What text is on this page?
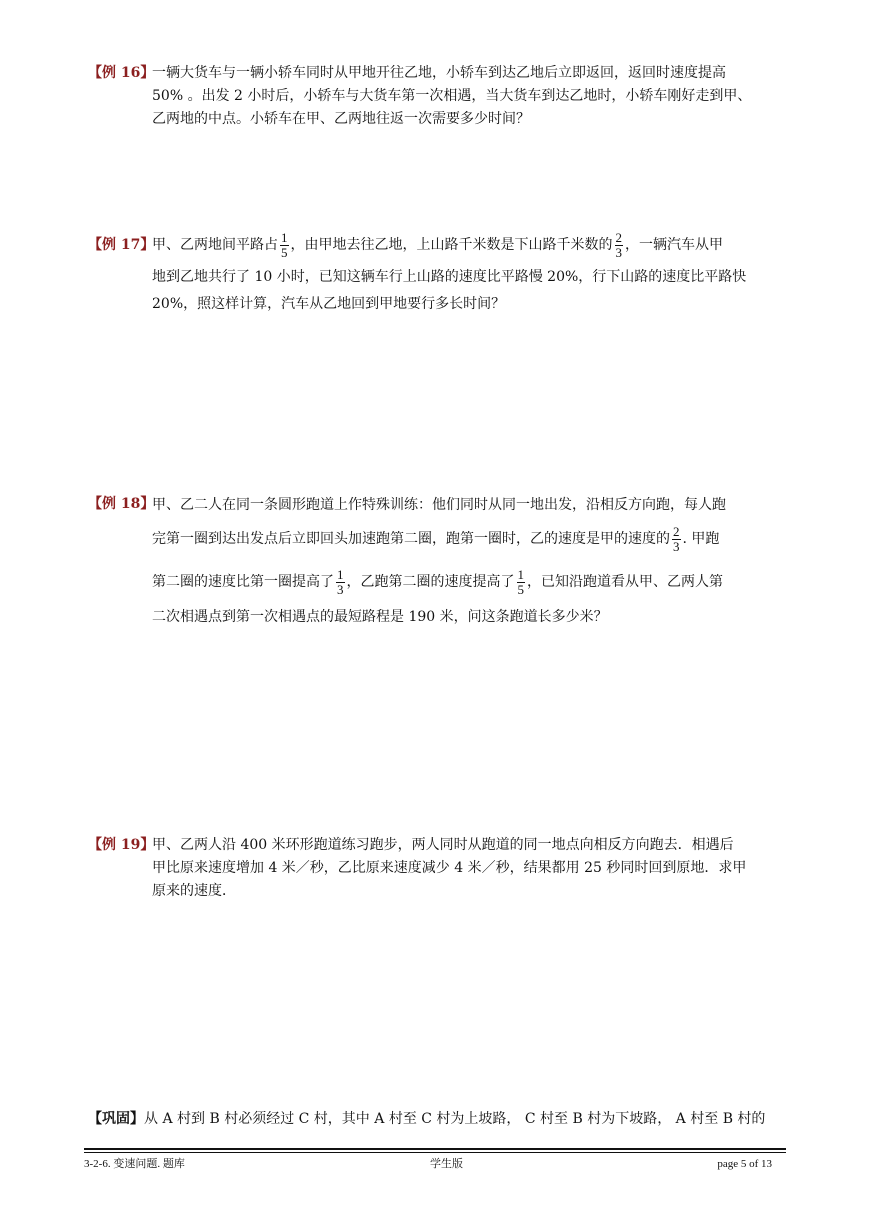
【例 16】
一辆大货车与一辆小轿车同时从甲地开往乙地，小轿车到达乙地后立即返回，返回时速度提高
50% 。出发 2 小时后，小轿车与大货车第一次相遇，当大货车到达乙地时，小轿车刚好走到甲、
乙两地的中点。小轿车在甲、乙两地往返一次需要多少时间？
【例 17】
甲、乙两地间平路占 $\frac{1}{5}$ ，由甲地去往乙地，上山路千米数是下山路千米数的 $\frac{2}{3}$ ，一辆汽车从甲
地到乙地共行了 10 小时，已知这辆车行上山路的速度比平路慢 20%，行下山路的速度比平路快
20%，照这样计算，汽车从乙地回到甲地要行多长时间？
【例 18】
甲、乙二人在同一条圆形跑道上作特殊训练：他们同时从同一地出发，沿相反方向跑，每人跑
完第一圈到达出发点后立即回头加速跑第二圈，跑第一圈时，乙的速度是甲的速度的 $\frac{2}{3}$ . 甲跑
第二圈的速度比第一圈提高了 $\frac{1}{3}$ ，乙跑第二圈的速度提高了 $\frac{1}{5}$ ，已知沿跑道看从甲、乙两人第
二次相遇点到第一次相遇点的最短路程是 190 米，问这条跑道长多少米？
【例 19】
甲、乙两人沿 400 米环形跑道练习跑步，两人同时从跑道的同一地点向相反方向跑去．相遇后
甲比原来速度增加 4 米／秒，乙比原来速度减少 4 米／秒，结果都用 25 秒同时回到原地．求甲
原来的速度．
【巩固】从 A 村到 B 村必须经过 C 村，其中 A 村至 C 村为上坡路， C 村至 B 村为下坡路， A 村至 B 村的
3-2-6. 变速问题. 题库	学生版	page 5 of 13
